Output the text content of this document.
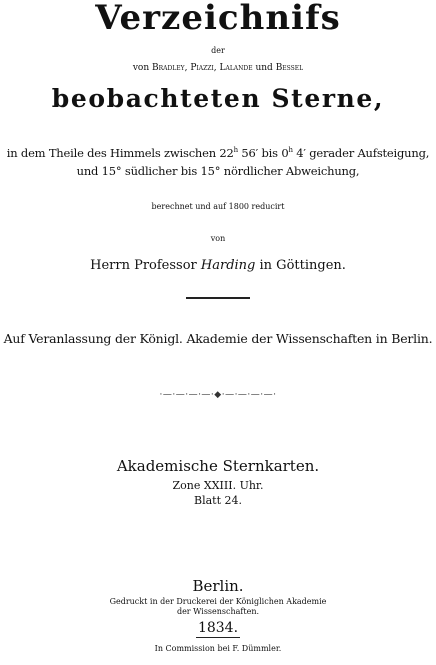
Verzeichnifs
der
von Bradley, Piazzi, Lalande und Bessel
beobachteten Sterne,
in dem Theile des Himmels zwischen 22$^h$ 56′ bis 0$^h$ 4′ gerader Aufsteigung,
und 15° südlicher bis 15° nördlicher Abweichung,
berechnet und auf 1800 reducirt
von
Herrn Professor Harding in Göttingen.
Auf Veranlassung der Königl. Akademie der Wissenschaften in Berlin.
·—·—·—·—·◆·—·—·—·—·
Akademische Sternkarten.
Zone XXIII. Uhr.
Blatt 24.
Berlin.
Gedruckt in der Druckerei der Königlichen Akademie
der Wissenschaften.
1834.
In Commission bei F. Dümmler.
